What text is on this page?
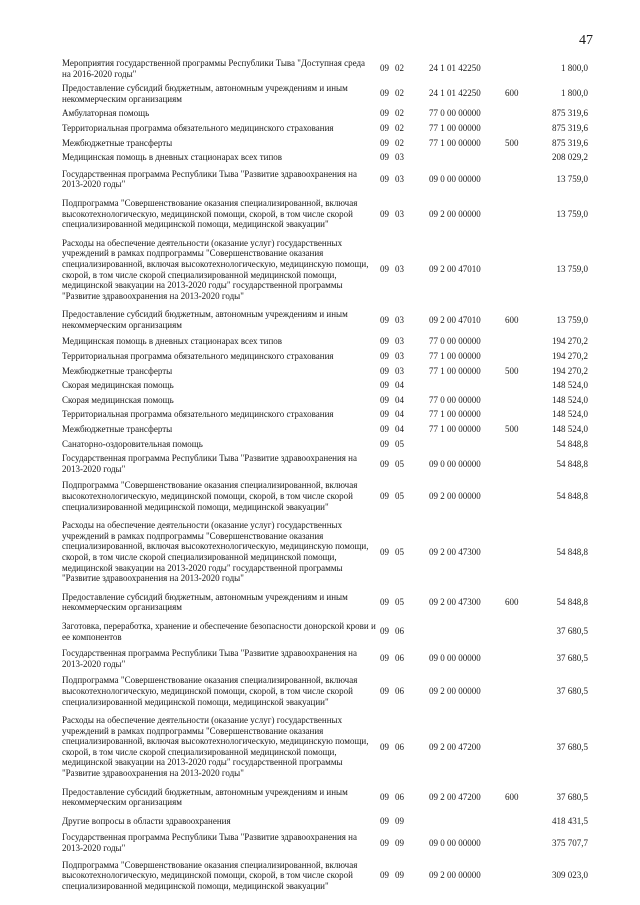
47
Мероприятия государственной программы Республики Тыва "Доступная среда на 2016-2020 годы"
09 02	24 1 01 42250	1 800,0
Предоставление субсидий бюджетным, автономным учреждениям и иным некоммерческим организациям
09 02	24 1 01 42250	600	1 800,0
Амбулаторная помощь	09 02	77 0 00 00000	875 319,6
Территориальная программа обязательного медицинского страхования	09 02	77 1 00 00000	875 319,6
Межбюджетные трансферты	09 02	77 1 00 00000	500	875 319,6
Медицинская помощь в дневных стационарах всех типов	09 03	208 029,2
Государственная программа Республики Тыва "Развитие здравоохранения на 2013-2020 годы"
09 03	09 0 00 00000	13 759,0
Подпрограмма "Совершенствование оказания специализированной, включая высокотехнологическую, медицинской помощи, скорой, в том числе скорой специализированной медицинской помощи, медицинской эвакуации"
09 03	09 2 00 00000	13 759,0
Расходы на обеспечение деятельности (оказание услуг) государственных учреждений в рамках подпрограммы "Совершенствование оказания специализированной, включая высокотехнологическую, медицинскую помощи, скорой, в том числе скорой специализированной медицинской помощи, медицинской эвакуации на 2013-2020 годы" государственной программы "Развитие здравоохранения на 2013-2020 годы"
09 03	09 2 00 47010	13 759,0
Предоставление субсидий бюджетным, автономным учреждениям и иным некоммерческим организациям
09 03	09 2 00 47010	600	13 759,0
Медицинская помощь в дневных стационарах всех типов	09 03	77 0 00 00000	194 270,2
Территориальная программа обязательного медицинского страхования	09 03	77 1 00 00000	194 270,2
Межбюджетные трансферты	09 03	77 1 00 00000	500	194 270,2
Скорая медицинская помощь	09 04	148 524,0
Скорая медицинская помощь	09 04	77 0 00 00000	148 524,0
Территориальная программа обязательного медицинского страхования	09 04	77 1 00 00000	148 524,0
Межбюджетные трансферты	09 04	77 1 00 00000	500	148 524,0
Санаторно-оздоровительная помощь	09 05	54 848,8
Государственная программа Республики Тыва "Развитие здравоохранения на 2013-2020 годы"
09 05	09 0 00 00000	54 848,8
Подпрограмма "Совершенствование оказания специализированной, включая высокотехнологическую, медицинской помощи, скорой, в том числе скорой специализированной медицинской помощи, медицинской эвакуации"
09 05	09 2 00 00000	54 848,8
Расходы на обеспечение деятельности (оказание услуг) государственных учреждений в рамках подпрограммы "Совершенствование оказания специализированной, включая высокотехнологическую, медицинскую помощи, скорой, в том числе скорой специализированной медицинской помощи, медицинской эвакуации на 2013-2020 годы" государственной программы "Развитие здравоохранения на 2013-2020 годы"
09 05	09 2 00 47300	54 848,8
Предоставление субсидий бюджетным, автономным учреждениям и иным некоммерческим организациям
09 05	09 2 00 47300	600	54 848,8
Заготовка, переработка, хранение и обеспечение безопасности донорской крови и ее компонентов
09 06	37 680,5
Государственная программа Республики Тыва "Развитие здравоохранения на 2013-2020 годы"
09 06	09 0 00 00000	37 680,5
Подпрограмма "Совершенствование оказания специализированной, включая высокотехнологическую, медицинской помощи, скорой, в том числе скорой специализированной медицинской помощи, медицинской эвакуации"
09 06	09 2 00 00000	37 680,5
Расходы на обеспечение деятельности (оказание услуг) государственных учреждений в рамках подпрограммы "Совершенствование оказания специализированной, включая высокотехнологическую, медицинскую помощи, скорой, в том числе скорой специализированной медицинской помощи, медицинской эвакуации на 2013-2020 годы" государственной программы "Развитие здравоохранения на 2013-2020 годы"
09 06	09 2 00 47200	37 680,5
Предоставление субсидий бюджетным, автономным учреждениям и иным некоммерческим организациям
09 06	09 2 00 47200	600	37 680,5
Другие вопросы в области здравоохранения	09 09	418 431,5
Государственная программа Республики Тыва "Развитие здравоохранения на 2013-2020 годы"
09 09	09 0 00 00000	375 707,7
Подпрограмма "Совершенствование оказания специализированной, включая высокотехнологическую, медицинской помощи, скорой, в том числе скорой специализированной медицинской помощи, медицинской эвакуации"
09 09	09 2 00 00000	309 023,0
